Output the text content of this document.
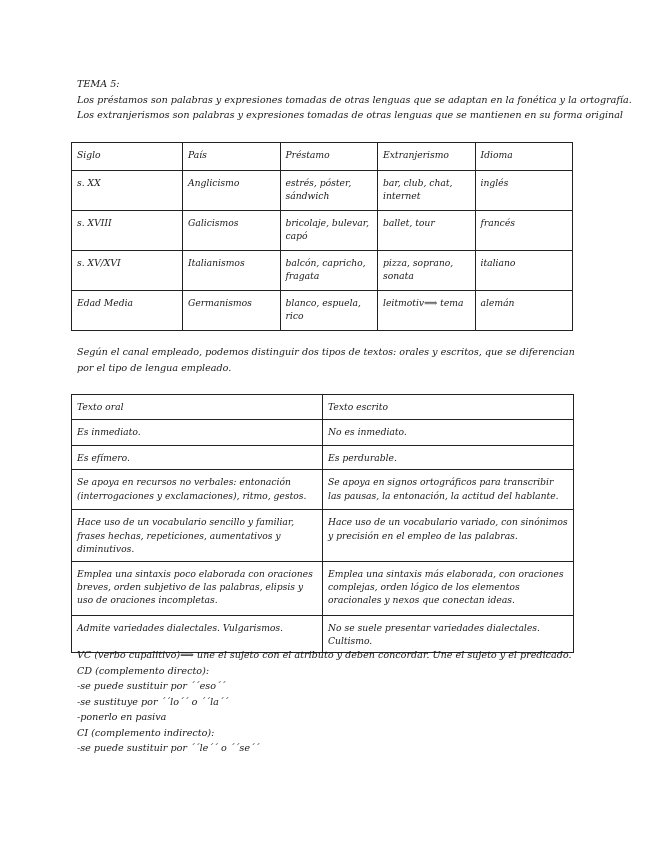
TEMA 5:
Los préstamos son palabras y expresiones tomadas de otras lenguas que se adaptan en la fonética y la ortografía.
Los extranjerismos son palabras y expresiones tomadas de otras lenguas que se mantienen en su forma original
Siglo	País	Préstamo	Extranjerismo	Idioma
s. XX	Anglicismo	estrés, póster, sándwich	bar, club, chat, internet	inglés
s. XVIII	Galicismos	bricolaje, bulevar, capó	ballet, tour	francés
s. XV/XVI	Italianismos	balcón, capricho, fragata	pizza, soprano, sonata	italiano
Edad Media	Germanismos	blanco, espuela, rico	leitmotiv⟹ tema	alemán
Según el canal empleado, podemos distinguir dos tipos de textos: orales y escritos, que se diferencian por el tipo de lengua empleado.
Texto oral	Texto escrito
Es inmediato.	No es inmediato.
Es efímero.	Es perdurable.
Se apoya en recursos no verbales: entonación (interrogaciones y exclamaciones), ritmo, gestos.	Se apoya en signos ortográficos para transcribir las pausas, la entonación, la actitud del hablante.
Hace uso de un vocabulario sencillo y familiar, frases hechas, repeticiones, aumentativos y diminutivos.	Hace uso de un vocabulario variado, con sinónimos y precisión en el empleo de las palabras.
Emplea una sintaxis poco elaborada con oraciones breves, orden subjetivo de las palabras, elipsis y uso de oraciones incompletas.	Emplea una sintaxis más elaborada, con oraciones complejas, orden lógico de los elementos oracionales y nexos que conectan ideas.
Admite variedades dialectales. Vulgarismos.	No se suele presentar variedades dialectales. Cultismo.
VC (verbo cupalitivo)⟹ une el sujeto con el atributo y deben concordar. Une el sujeto y el predicado.
CD (complemento directo):
-se puede sustituir por ´´eso´´
-se sustituye por ´´lo´´ o ´´la´´
-ponerlo en pasiva
CI (complemento indirecto):
-se puede sustituir por ´´le´´ o ´´se´´
